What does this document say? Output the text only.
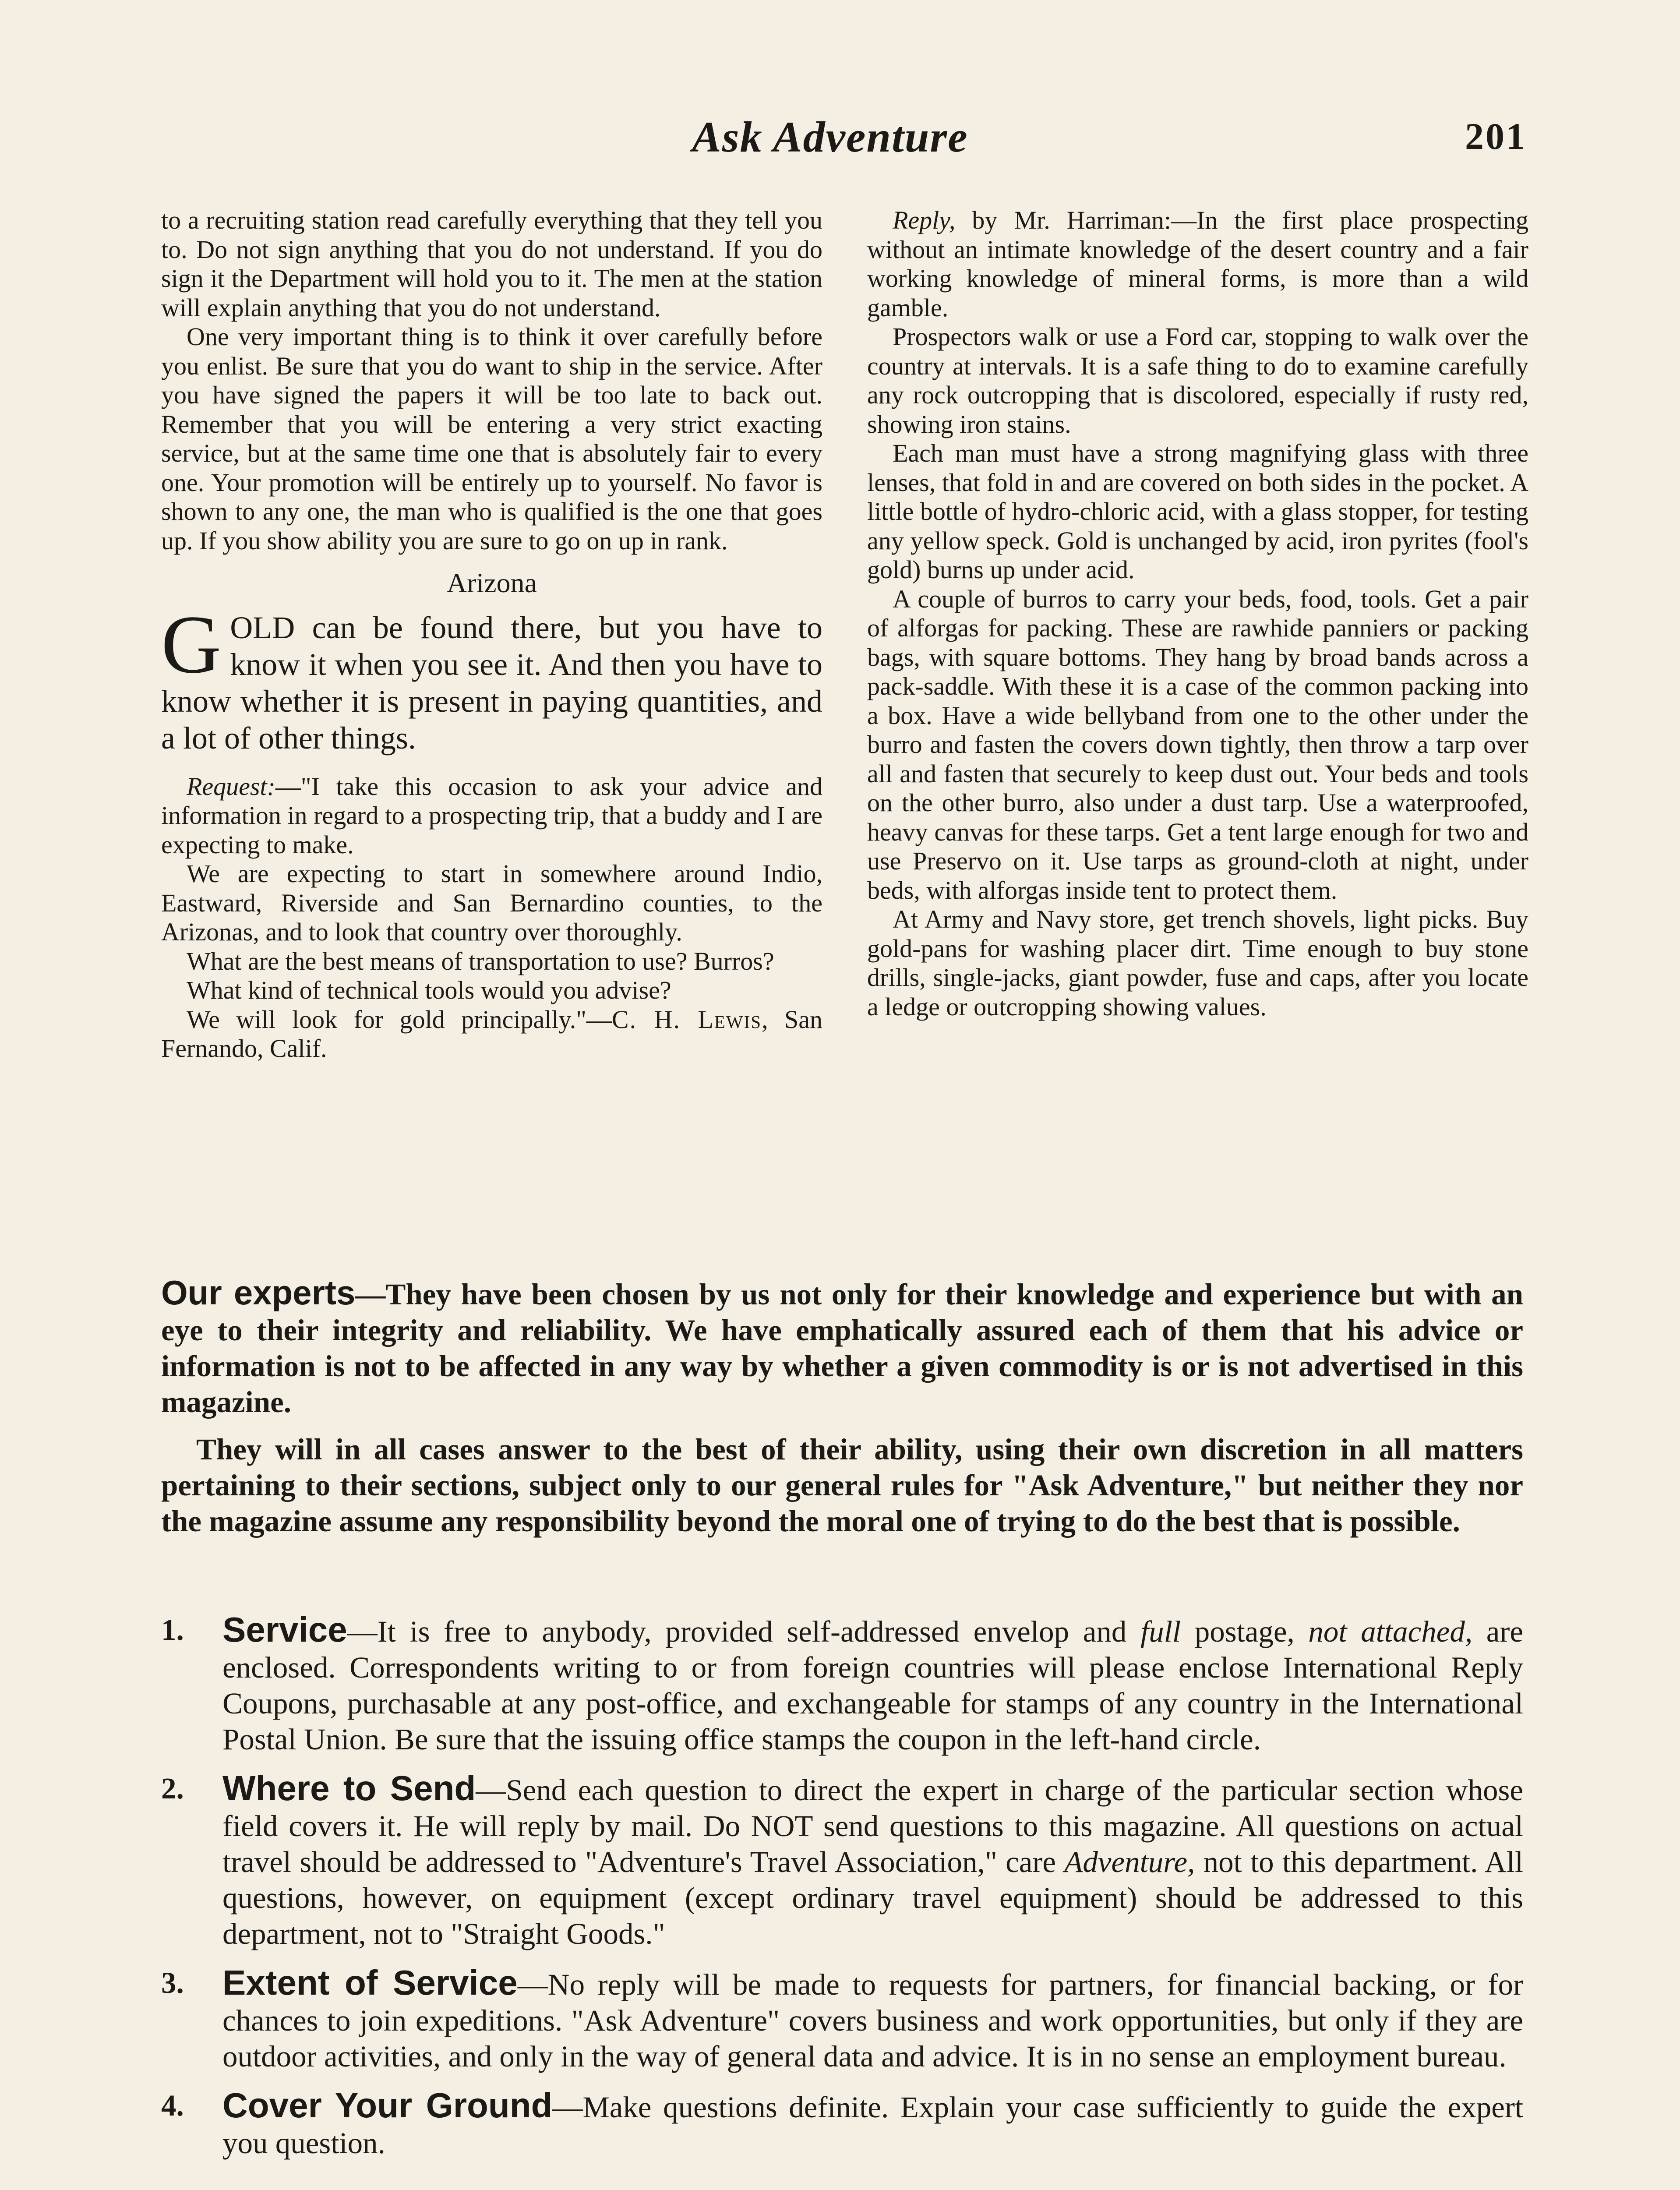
Ask Adventure	201

to a recruiting station read carefully everything that they tell you to. Do not sign anything that you do not understand. If you do sign it the Department will hold you to it. The men at the station will explain anything that you do not understand.

One very important thing is to think it over carefully before you enlist. Be sure that you do want to ship in the service. After you have signed the papers it will be too late to back out. Remember that you will be entering a very strict exacting service, but at the same time one that is absolutely fair to every one. Your promotion will be entirely up to yourself. No favor is shown to any one, the man who is qualified is the one that goes up. If you show ability you are sure to go on up in rank.

Arizona

GOLD can be found there, but you have to know it when you see it. And then you have to know whether it is present in paying quantities, and a lot of other things.

Request:—"I take this occasion to ask your advice and information in regard to a prospecting trip, that a buddy and I are expecting to make.

We are expecting to start in somewhere around Indio, Eastward, Riverside and San Bernardino counties, to the Arizonas, and to look that country over thoroughly.

What are the best means of transportation to use? Burros?

What kind of technical tools would you advise?

We will look for gold principally."—C. H. Lewis, San Fernando, Calif.

Reply, by Mr. Harriman:—In the first place prospecting without an intimate knowledge of the desert country and a fair working knowledge of mineral forms, is more than a wild gamble.

Prospectors walk or use a Ford car, stopping to walk over the country at intervals. It is a safe thing to do to examine carefully any rock outcropping that is discolored, especially if rusty red, showing iron stains.

Each man must have a strong magnifying glass with three lenses, that fold in and are covered on both sides in the pocket. A little bottle of hydro-chloric acid, with a glass stopper, for testing any yellow speck. Gold is unchanged by acid, iron pyrites (fool's gold) burns up under acid.

A couple of burros to carry your beds, food, tools. Get a pair of alforgas for packing. These are rawhide panniers or packing bags, with square bottoms. They hang by broad bands across a pack-saddle. With these it is a case of the common packing into a box. Have a wide bellyband from one to the other under the burro and fasten the covers down tightly, then throw a tarp over all and fasten that securely to keep dust out. Your beds and tools on the other burro, also under a dust tarp. Use a waterproofed, heavy canvas for these tarps. Get a tent large enough for two and use Preservo on it. Use tarps as ground-cloth at night, under beds, with alforgas inside tent to protect them.

At Army and Navy store, get trench shovels, light picks. Buy gold-pans for washing placer dirt. Time enough to buy stone drills, single-jacks, giant powder, fuse and caps, after you locate a ledge or outcropping showing values.

Our experts—They have been chosen by us not only for their knowledge and experience but with an eye to their integrity and reliability. We have emphatically assured each of them that his advice or information is not to be affected in any way by whether a given commodity is or is not advertised in this magazine.

They will in all cases answer to the best of their ability, using their own discretion in all matters pertaining to their sections, subject only to our general rules for "Ask Adventure," but neither they nor the magazine assume any responsibility beyond the moral one of trying to do the best that is possible.

1. Service—It is free to anybody, provided self-addressed envelop and full postage, not attached, are enclosed. Correspondents writing to or from foreign countries will please enclose International Reply Coupons, purchasable at any post-office, and exchangeable for stamps of any country in the International Postal Union. Be sure that the issuing office stamps the coupon in the left-hand circle.
2. Where to Send—Send each question to direct the expert in charge of the particular section whose field covers it. He will reply by mail. Do NOT send questions to this magazine. All questions on actual travel should be addressed to "Adventure's Travel Association," care Adventure, not to this department. All questions, however, on equipment (except ordinary travel equipment) should be addressed to this department, not to "Straight Goods."
3. Extent of Service—No reply will be made to requests for partners, for financial backing, or for chances to join expeditions. "Ask Adventure" covers business and work opportunities, but only if they are outdoor activities, and only in the way of general data and advice. It is in no sense an employment bureau.
4. Cover Your Ground—Make questions definite. Explain your case sufficiently to guide the expert you question.
